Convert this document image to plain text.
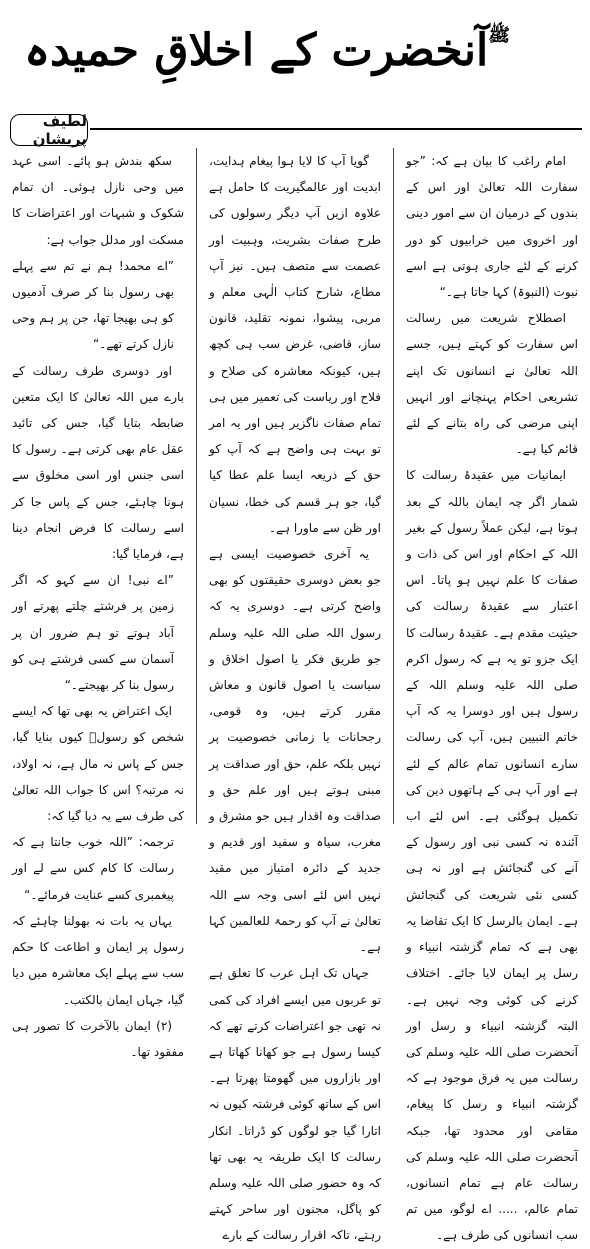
$^ﷺ$آنخضرت کے اخلاقِ حمیدہ
لطیف پریشان

امام راغب کا بیان ہے کہ: ”جو سفارت اللہ تعالیٰ اور اس کے بندوں کے درمیان ان سے امور دینی اور اخروی میں خرابیوں کو دور کرنے کے لئے جاری ہوتی ہے اسے نبوت (النبوۃ) کہا جاتا ہے۔“

اصطلاح شریعت میں رسالت اس سفارت کو کہتے ہیں، جسے اللہ تعالیٰ نے انسانوں تک اپنے تشریعی احکام پہنچانے اور انہیں اپنی مرضی کی راہ بتانے کے لئے قائم کیا ہے۔

ایمانیات میں عقیدۂ رسالت کا شمار اگر چہ ایمان باللہ کے بعد ہوتا ہے، لیکن عملاً رسول کے بغیر اللہ کے احکام اور اس کی ذات و صفات کا علم نہیں ہو پاتا۔ اس اعتبار سے عقیدۂ رسالت کی حیثیت مقدم ہے۔ عقیدۂ رسالت کا ایک جزو تو یہ ہے کہ رسول اکرم صلی اللہ علیہ وسلم اللہ کے رسول ہیں اور دوسرا یہ کہ آپ خاتم النبیین ہیں، آپ کی رسالت سارے انسانوں تمام عالم کے لئے ہے اور آپ ہی کے ہاتھوں دین کی تکمیل ہوگئی ہے۔ اس لئے اب آئندہ نہ کسی نبی اور رسول کے آنے کی گنجائش ہے اور نہ ہی کسی نئی شریعت کی گنجائش ہے۔ ایمان بالرسل کا ایک تقاضا یہ بھی ہے کہ تمام گزشتہ انبیاء و رسل پر ایمان لایا جائے۔ اختلاف کرنے کی کوئی وجہ نہیں ہے۔ البتہ گزشتہ انبیاء و رسل اور آنحضرت صلی اللہ علیہ وسلم کی رسالت میں یہ فرق موجود ہے کہ گزشتہ انبیاء و رسل کا پیغام، مقامی اور محدود تھا، جبکہ آنحضرت صلی اللہ علیہ وسلم کی رسالت عام ہے تمام انسانوں، تمام عالم، ..... اے لوگو، میں تم سب انسانوں کی طرف ہے۔

گویا آپ کا لایا ہوا پیغام ہدایت، ابدیت اور عالمگیریت کا حامل ہے علاوہ ازیں آپ دیگر رسولوں کی طرح صفات بشریت، وہبیت اور عصمت سے متصف ہیں۔ نیز آپ مطاع، شارح کتاب الٰہی معلم و مربی، پیشوا، نمونہ تقلید، قانون ساز، قاضی، غرض سب ہی کچھ ہیں، کیونکہ معاشرہ کی صلاح و فلاح اور ریاست کی تعمیر میں ہی تمام صفات ناگزیر ہیں اور یہ امر تو بہت ہی واضح ہے کہ آپ کو حق کے ذریعہ ایسا علم عطا کیا گیا، جو ہر قسم کی خطا، نسیان اور ظن سے ماورا ہے۔

یہ آخری خصوصیت ایسی ہے جو بعض دوسری حقیقتوں کو بھی واضح کرتی ہے۔ دوسری یہ کہ رسول اللہ صلی اللہ علیہ وسلم جو طریق فکر یا اصول اخلاق و سیاست یا اصول قانون و معاش مقرر کرتے ہیں، وہ قومی، رجحانات یا زمانی خصوصیت پر نہیں بلکہ علم، حق اور صداقت پر مبنی ہوتے ہیں اور علم حق و صداقت وہ اقدار ہیں جو مشرق و مغرب، سیاہ و سفید اور قدیم و جدید کے دائرہ امتیاز میں مقید نہیں اس لئے اسی وجہ سے اللہ تعالیٰ نے آپ کو رحمۃ للعالمین کہا ہے۔

جہاں تک اہل عرب کا تعلق ہے تو عربوں میں ایسے افراد کی کمی نہ تھی جو اعتراضات کرتے تھے کہ کیسا رسول ہے جو کھانا کھاتا ہے اور بازاروں میں گھومتا پھرتا ہے۔ اس کے ساتھ کوئی فرشتہ کیوں نہ اتارا گیا جو لوگوں کو ڈراتا۔ انکار رسالت کا ایک طریقہ یہ بھی تھا کہ وہ حضور صلی اللہ علیہ وسلم کو پاگل، مجنون اور ساحر کہتے رہتے، تاکہ اقرار رسالت کے بارے

سکھ بندش ہو پائے۔ اسی عہد میں وحی نازل ہوئی۔ ان تمام شکوک و شبہات اور اعتراضات کا مسکت اور مدلل جواب ہے:

”اے محمد! ہم نے تم سے پہلے بھی رسول بنا کر صرف آدمیوں کو ہی بھیجا تھا، جن پر ہم وحی نازل کرتے تھے۔“

اور دوسری طرف رسالت کے بارے میں اللہ تعالیٰ کا ایک متعین ضابطہ بتایا گیا، جس کی تائید عقل عام بھی کرتی ہے۔ رسول کا اسی جنس اور اسی مخلوق سے ہونا چاہئے، جس کے پاس جا کر اسے رسالت کا فرض انجام دینا ہے، فرمایا گیا:

”اے نبی! ان سے کہو کہ اگر زمین پر فرشتے چلتے پھرتے اور آباد ہوتے تو ہم ضرور ان پر آسمان سے کسی فرشتے ہی کو رسول بنا کر بھیجتے۔“

ایک اعتراض یہ بھی تھا کہ ایسے شخص کو رسولؐ کیوں بنایا گیا، جس کے پاس نہ مال ہے، نہ اولاد، نہ مرتبہ؟ اس کا جواب اللہ تعالیٰ کی طرف سے یہ دیا گیا کہ:

ترجمہ: ”اللہ خوب جانتا ہے کہ رسالت کا کام کس سے لے اور پیغمبری کسے عنایت فرمائے۔“

یہاں یہ بات نہ بھولنا چاہئے کہ رسول پر ایمان و اطاعت کا حکم سب سے پہلے ایک معاشرہ میں دیا گیا، جہاں ایمان بالکتب۔

(۲) ایمان بالآخرت کا تصور ہی مفقود تھا۔
